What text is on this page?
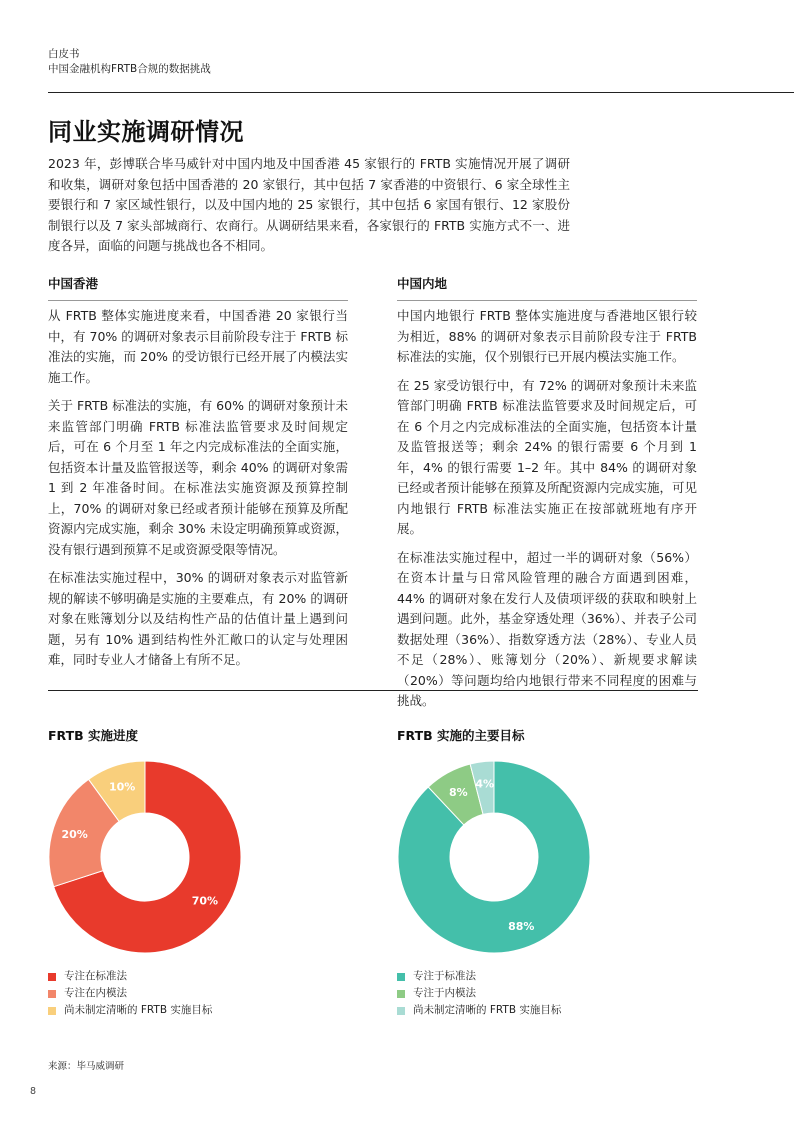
白皮书
中国金融机构FRTB合规的数据挑战
同业实施调研情况
2023 年，彭博联合毕马威针对中国内地及中国香港 45 家银行的 FRTB 实施情况开展了调研和收集，调研对象包括中国香港的 20 家银行，其中包括 7 家香港的中资银行、6 家全球性主要银行和 7 家区域性银行，以及中国内地的 25 家银行，其中包括 6 家国有银行、12 家股份制银行以及 7 家头部城商行、农商行。从调研结果来看，各家银行的 FRTB 实施方式不一、进度各异，面临的问题与挑战也各不相同。
中国香港

从 FRTB 整体实施进度来看，中国香港 20 家银行当中，有 70% 的调研对象表示目前阶段专注于 FRTB 标准法的实施，而 20% 的受访银行已经开展了内模法实施工作。

关于 FRTB 标准法的实施，有 60% 的调研对象预计未来监管部门明确 FRTB 标准法监管要求及时间规定后，可在 6 个月至 1 年之内完成标准法的全面实施，包括资本计量及监管报送等，剩余 40% 的调研对象需 1 到 2 年准备时间。在标准法实施资源及预算控制上，70% 的调研对象已经或者预计能够在预算及所配资源内完成实施，剩余 30% 未设定明确预算或资源，没有银行遇到预算不足或资源受限等情况。

在标准法实施过程中，30% 的调研对象表示对监管新规的解读不够明确是实施的主要难点，有 20% 的调研对象在账簿划分以及结构性产品的估值计量上遇到问题，另有 10% 遇到结构性外汇敞口的认定与处理困难，同时专业人才储备上有所不足。

中国内地

中国内地银行 FRTB 整体实施进度与香港地区银行较为相近，88% 的调研对象表示目前阶段专注于 FRTB 标准法的实施，仅个别银行已开展内模法实施工作。

在 25 家受访银行中，有 72% 的调研对象预计未来监管部门明确 FRTB 标准法监管要求及时间规定后，可在 6 个月之内完成标准法的全面实施，包括资本计量及监管报送等；剩余 24% 的银行需要 6 个月到 1 年，4% 的银行需要 1–2 年。其中 84% 的调研对象已经或者预计能够在预算及所配资源内完成实施，可见内地银行 FRTB 标准法实施正在按部就班地有序开展。

在标准法实施过程中，超过一半的调研对象（56%）在资本计量与日常风险管理的融合方面遇到困难，44% 的调研对象在发行人及债项评级的获取和映射上遇到问题。此外，基金穿透处理（36%）、并表子公司数据处理（36%）、指数穿透方法（28%）、专业人员不足（28%）、账簿划分（20%）、新规要求解读（20%）等问题均给内地银行带来不同程度的困难与挑战。

FRTB 实施进度
70%
20%
10%
专注在标准法
专注在内模法
尚未制定清晰的 FRTB 实施目标
FRTB 实施的主要目标
88%
8%
4%
专注于标准法
专注于内模法
尚未制定清晰的 FRTB 实施目标
来源：毕马威调研
8
